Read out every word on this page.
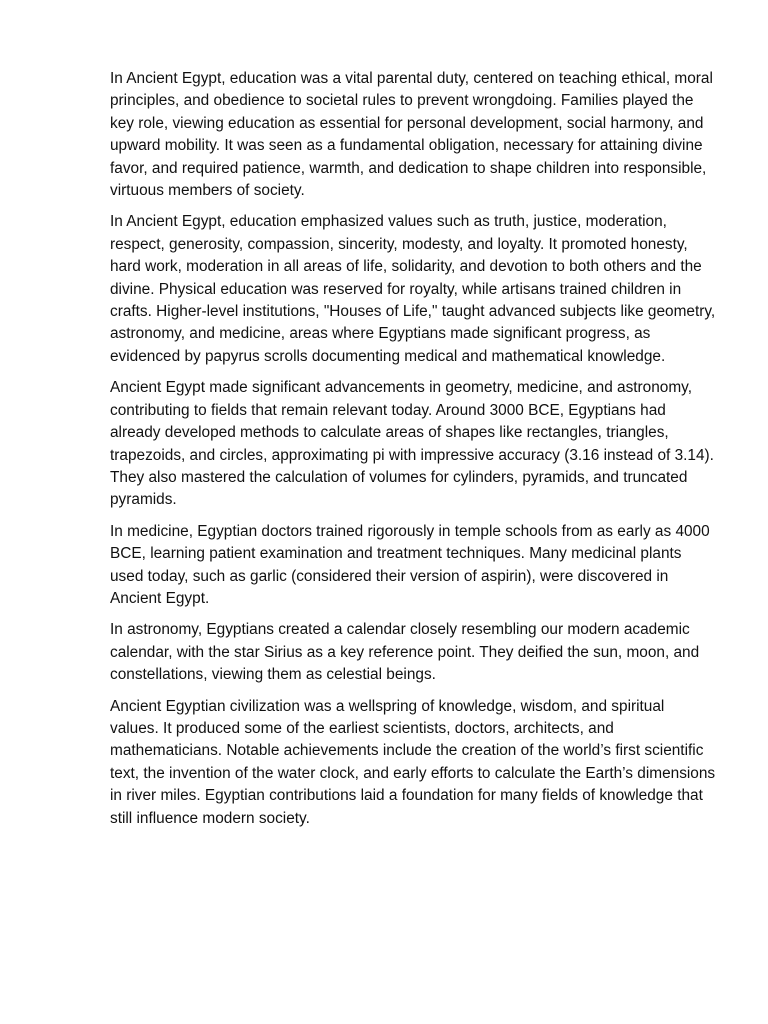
In Ancient Egypt, education was a vital parental duty, centered on teaching ethical, moral principles, and obedience to societal rules to prevent wrongdoing. Families played the key role, viewing education as essential for personal development, social harmony, and upward mobility. It was seen as a fundamental obligation, necessary for attaining divine favor, and required patience, warmth, and dedication to shape children into responsible, virtuous members of society.

In Ancient Egypt, education emphasized values such as truth, justice, moderation, respect, generosity, compassion, sincerity, modesty, and loyalty. It promoted honesty, hard work, moderation in all areas of life, solidarity, and devotion to both others and the divine. Physical education was reserved for royalty, while artisans trained children in crafts. Higher-level institutions, "Houses of Life," taught advanced subjects like geometry, astronomy, and medicine, areas where Egyptians made significant progress, as evidenced by papyrus scrolls documenting medical and mathematical knowledge.

Ancient Egypt made significant advancements in geometry, medicine, and astronomy, contributing to fields that remain relevant today. Around 3000 BCE, Egyptians had already developed methods to calculate areas of shapes like rectangles, triangles, trapezoids, and circles, approximating pi with impressive accuracy (3.16 instead of 3.14). They also mastered the calculation of volumes for cylinders, pyramids, and truncated pyramids.

In medicine, Egyptian doctors trained rigorously in temple schools from as early as 4000 BCE, learning patient examination and treatment techniques. Many medicinal plants used today, such as garlic (considered their version of aspirin), were discovered in Ancient Egypt.

In astronomy, Egyptians created a calendar closely resembling our modern academic calendar, with the star Sirius as a key reference point. They deified the sun, moon, and constellations, viewing them as celestial beings.

Ancient Egyptian civilization was a wellspring of knowledge, wisdom, and spiritual values. It produced some of the earliest scientists, doctors, architects, and mathematicians. Notable achievements include the creation of the world’s first scientific text, the invention of the water clock, and early efforts to calculate the Earth’s dimensions in river miles. Egyptian contributions laid a foundation for many fields of knowledge that still influence modern society.
